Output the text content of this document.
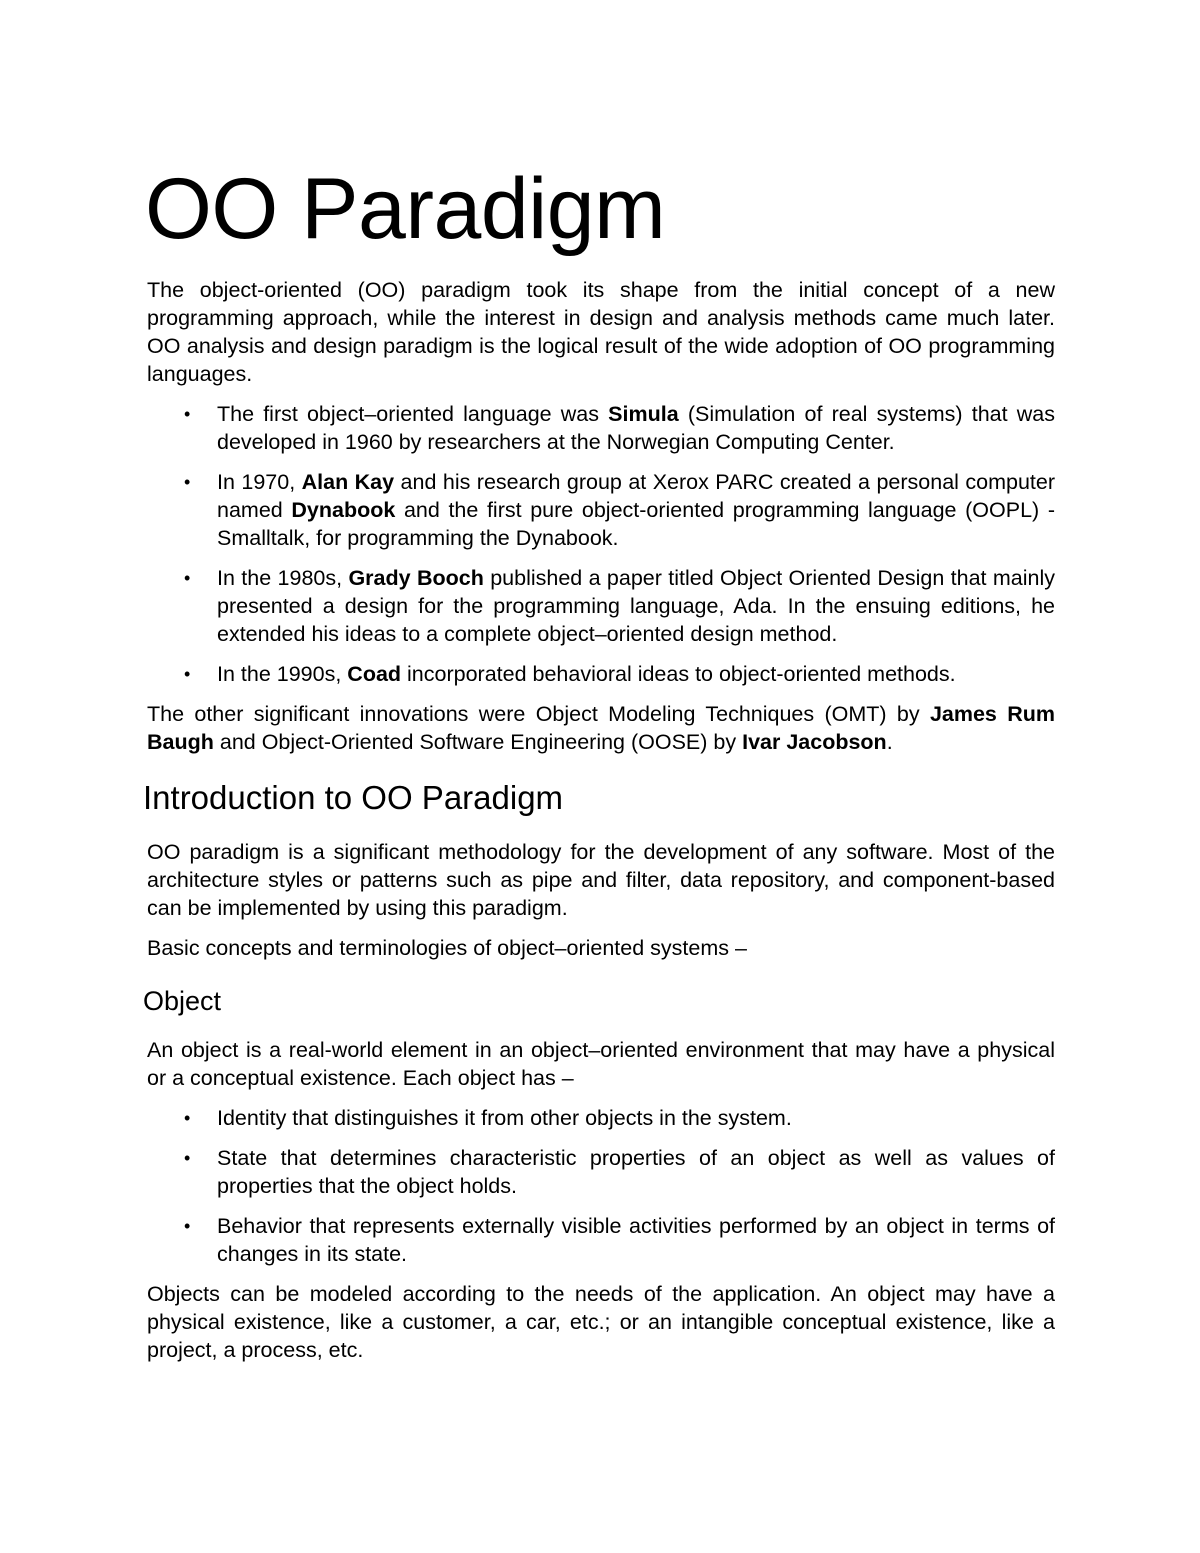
OO Paradigm

The object-oriented (OO) paradigm took its shape from the initial concept of a new programming approach, while the interest in design and analysis methods came much later. OO analysis and design paradigm is the logical result of the wide adoption of OO programming languages.

• The first object–oriented language was Simula (Simulation of real systems) that was developed in 1960 by researchers at the Norwegian Computing Center.
• In 1970, Alan Kay and his research group at Xerox PARC created a personal computer named Dynabook and the first pure object-oriented programming language (OOPL) - Smalltalk, for programming the Dynabook.
• In the 1980s, Grady Booch published a paper titled Object Oriented Design that mainly presented a design for the programming language, Ada. In the ensuing editions, he extended his ideas to a complete object–oriented design method.
• In the 1990s, Coad incorporated behavioral ideas to object-oriented methods.

The other significant innovations were Object Modeling Techniques (OMT) by James Rum Baugh and Object-Oriented Software Engineering (OOSE) by Ivar Jacobson.

Introduction to OO Paradigm

OO paradigm is a significant methodology for the development of any software. Most of the architecture styles or patterns such as pipe and filter, data repository, and component-based can be implemented by using this paradigm.

Basic concepts and terminologies of object–oriented systems –

Object

An object is a real-world element in an object–oriented environment that may have a physical or a conceptual existence. Each object has –

• Identity that distinguishes it from other objects in the system.
• State that determines characteristic properties of an object as well as values of properties that the object holds.
• Behavior that represents externally visible activities performed by an object in terms of changes in its state.

Objects can be modeled according to the needs of the application. An object may have a physical existence, like a customer, a car, etc.; or an intangible conceptual existence, like a project, a process, etc.
